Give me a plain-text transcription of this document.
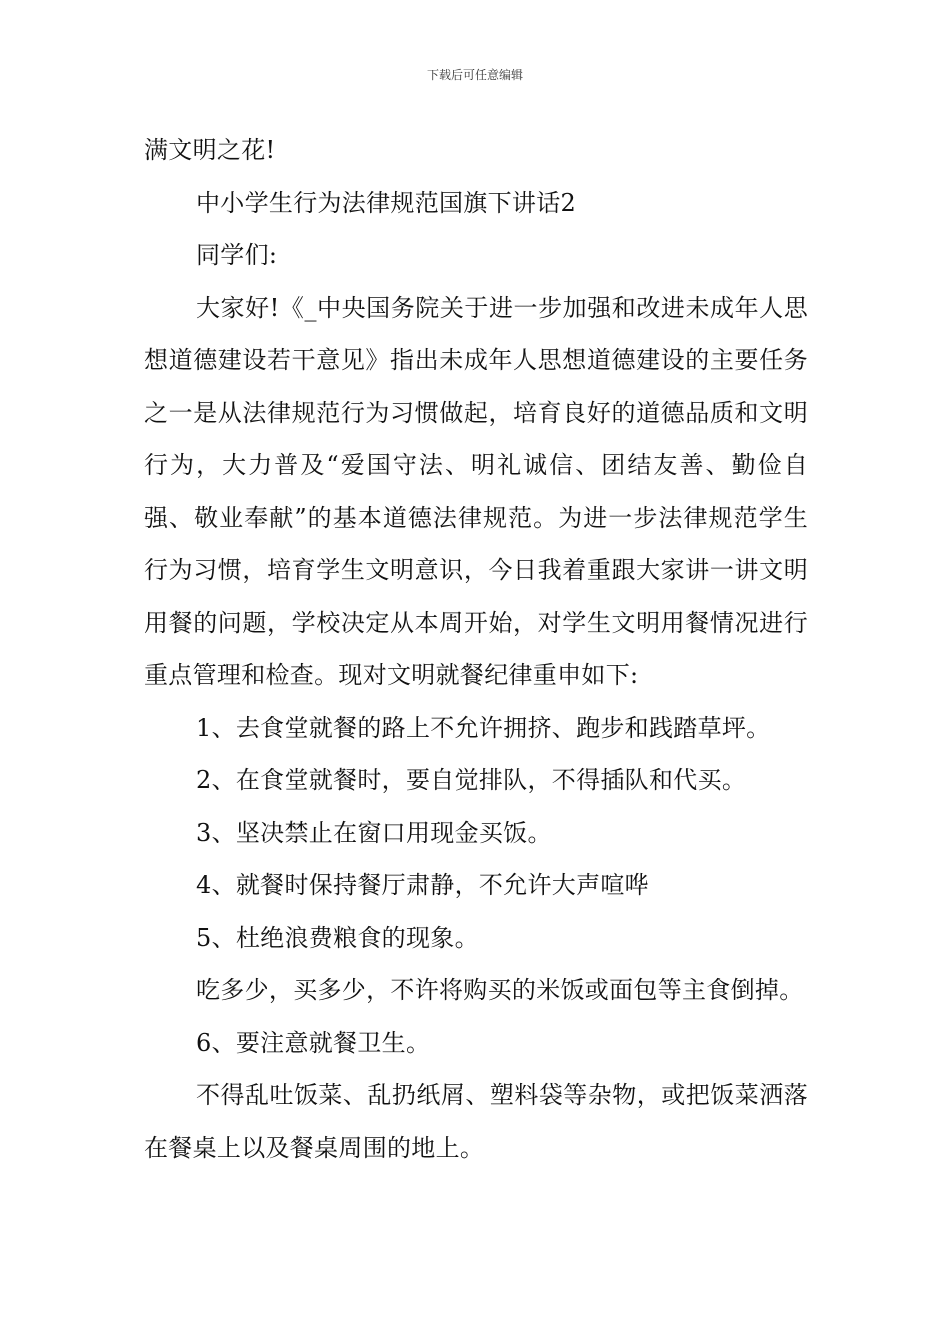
下载后可任意编辑

满文明之花!

中小学生行为法律规范国旗下讲话2

同学们:

大家好!《_中央国务院关于进一步加强和改进未成年人思想道德建设若干意见》指出未成年人思想道德建设的主要任务之一是从法律规范行为习惯做起，培育良好的道德品质和文明行为，大力普及“爱国守法、明礼诚信、团结友善、勤俭自强、敬业奉献”的基本道德法律规范。为进一步法律规范学生行为习惯，培育学生文明意识，今日我着重跟大家讲一讲文明用餐的问题，学校决定从本周开始，对学生文明用餐情况进行重点管理和检查。现对文明就餐纪律重申如下:

1、去食堂就餐的路上不允许拥挤、跑步和践踏草坪。

2、在食堂就餐时，要自觉排队，不得插队和代买。

3、坚决禁止在窗口用现金买饭。

4、就餐时保持餐厅肃静，不允许大声喧哗

5、杜绝浪费粮食的现象。

吃多少，买多少，不许将购买的米饭或面包等主食倒掉。

6、要注意就餐卫生。

不得乱吐饭菜、乱扔纸屑、塑料袋等杂物，或把饭菜洒落在餐桌上以及餐桌周围的地上。
